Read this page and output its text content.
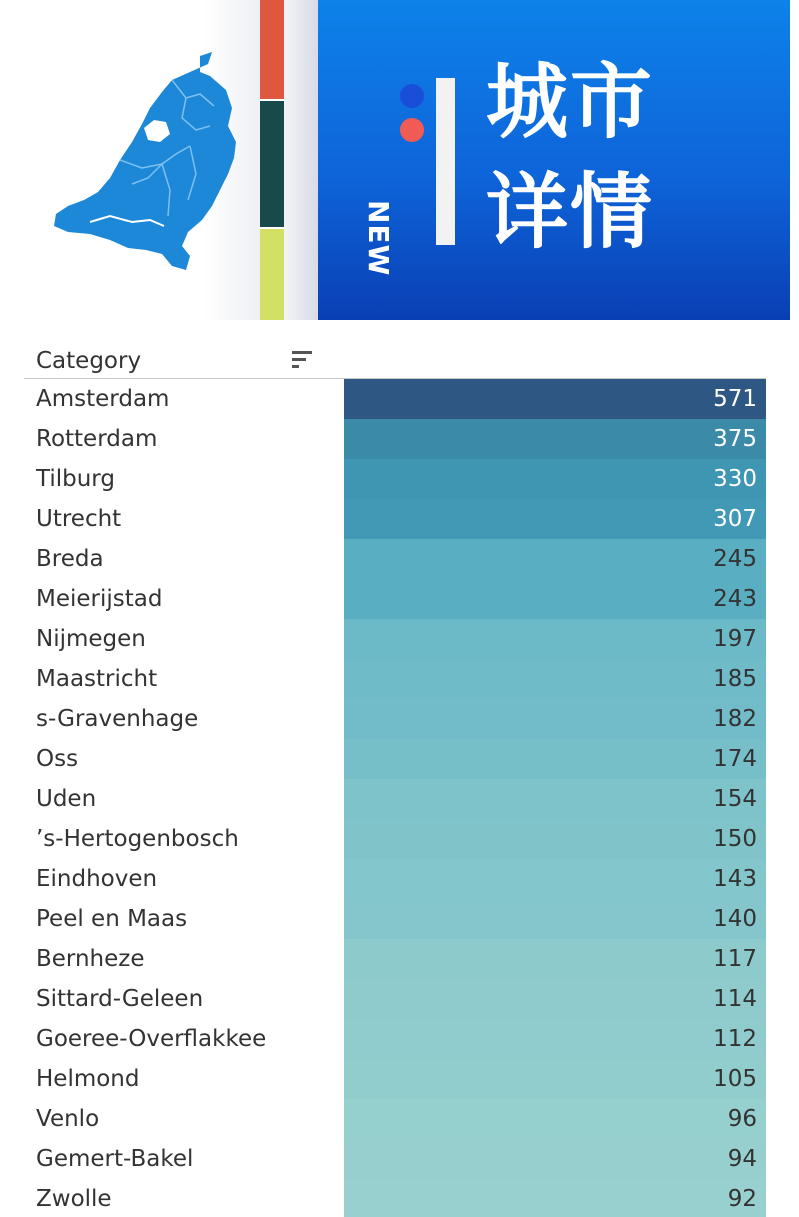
NEW
城市
详情
Category
Amsterdam	571
Rotterdam	375
Tilburg	330
Utrecht	307
Breda	245
Meierijstad	243
Nijmegen	197
Maastricht	185
s-Gravenhage	182
Oss	174
Uden	154
’s-Hertogenbosch	150
Eindhoven	143
Peel en Maas	140
Bernheze	117
Sittard-Geleen	114
Goeree-Overflakkee	112
Helmond	105
Venlo	96
Gemert-Bakel	94
Zwolle	92
